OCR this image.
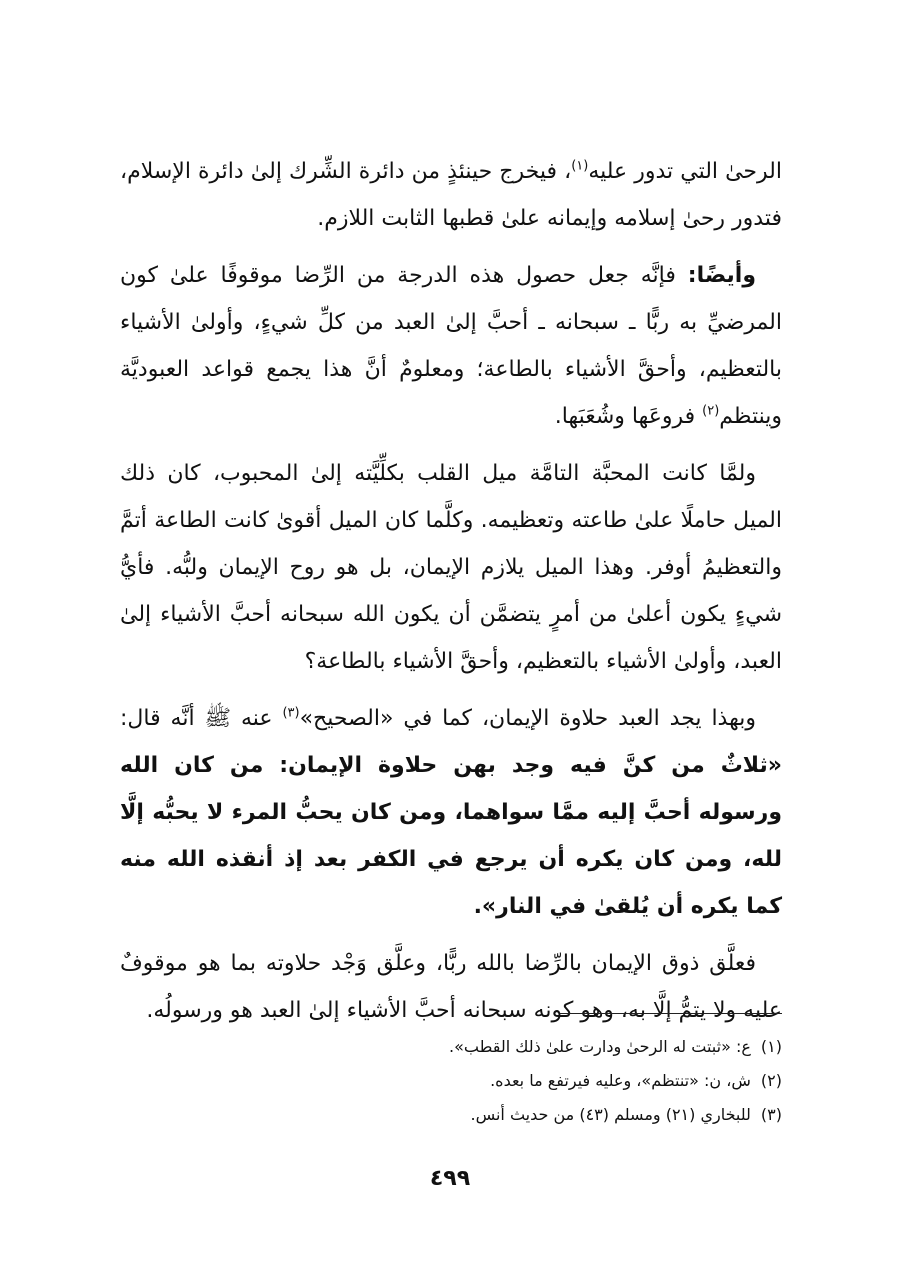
الرحىٰ التي تدور عليه$^{(١)}$، فيخرج حينئذٍ من دائرة الشِّرك إلىٰ دائرة الإسلام، فتدور رحىٰ إسلامه وإيمانه علىٰ قطبها الثابت اللازم.

وأيضًا: فإنَّه جعل حصول هذه الدرجة من الرِّضا موقوفًا علىٰ كون المرضيِّ به ربًّا ـ سبحانه ـ أحبَّ إلىٰ العبد من كلِّ شيءٍ، وأولىٰ الأشياء بالتعظيم، وأحقَّ الأشياء بالطاعة؛ ومعلومٌ أنَّ هذا يجمع قواعد العبوديَّة وينتظم$^{(٢)}$ فروعَها وشُعَبَها.

ولمَّا كانت المحبَّة التامَّة ميل القلب بكلِّيَّته إلىٰ المحبوب، كان ذلك الميل حاملًا علىٰ طاعته وتعظيمه. وكلَّما كان الميل أقوىٰ كانت الطاعة أتمَّ والتعظيمُ أوفر. وهذا الميل يلازم الإيمان، بل هو روح الإيمان ولبُّه. فأيُّ شيءٍ يكون أعلىٰ من أمرٍ يتضمَّن أن يكون الله سبحانه أحبَّ الأشياء إلىٰ العبد، وأولىٰ الأشياء بالتعظيم، وأحقَّ الأشياء بالطاعة؟

وبهذا يجد العبد حلاوة الإيمان، كما في «الصحيح»$^{(٣)}$ عنه ﷺ أنَّه قال: «ثلاثٌ من كنَّ فيه وجد بهن حلاوة الإيمان: من كان الله ورسوله أحبَّ إليه ممَّا سواهما، ومن كان يحبُّ المرء لا يحبُّه إلَّا لله، ومن كان يكره أن يرجع في الكفر بعد إذ أنقذه الله منه كما يكره أن يُلقىٰ في النار».

فعلَّق ذوق الإيمان بالرِّضا بالله ربًّا، وعلَّق وَجْد حلاوته بما هو موقوفٌ عليه ولا يتمُّ إلَّا به، وهو كونه سبحانه أحبَّ الأشياء إلىٰ العبد هو ورسولُه.

(١)ع: «ثبتت له الرحىٰ ودارت علىٰ ذلك القطب».
(٢)ش، ن: «تنتظم»، وعليه فيرتفع ما بعده.
(٣)للبخاري (٢١) ومسلم (٤٣) من حديث أنس.
٤٩٩
